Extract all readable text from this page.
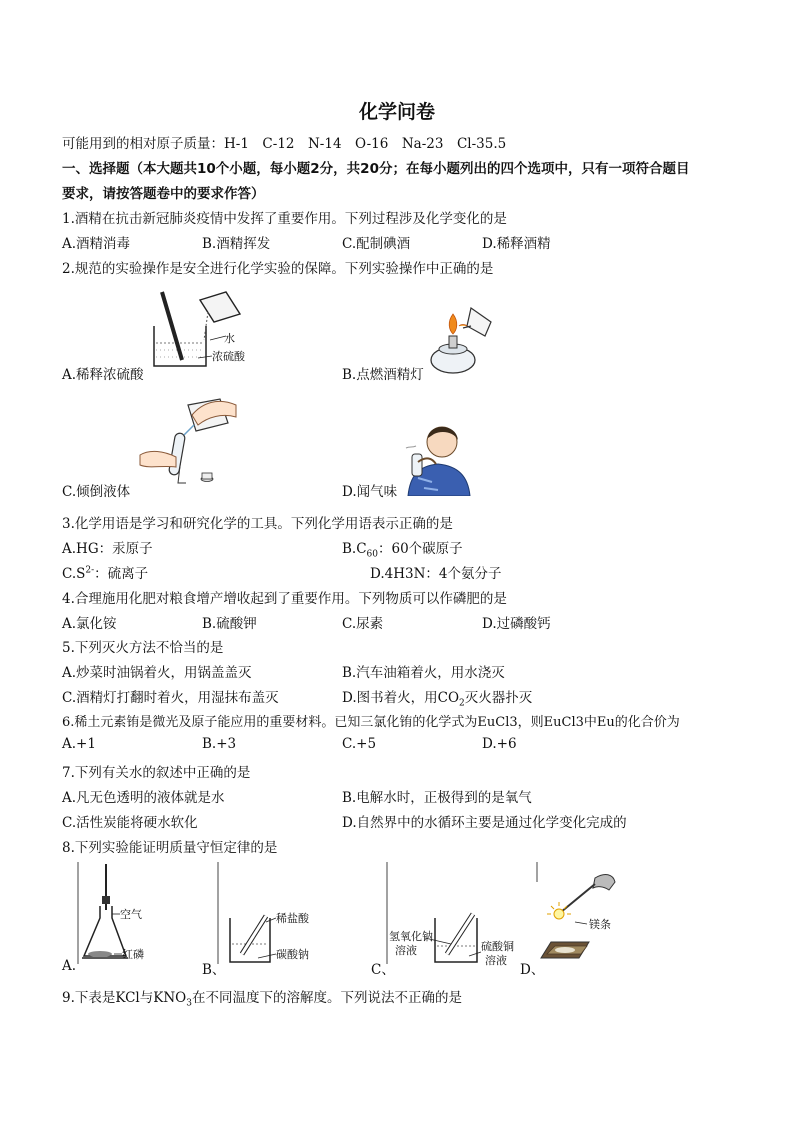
化学问卷
可能用到的相对原子质量：H-1　C-12　N-14　O-16　Na-23　Cl-35.5
一、选择题（本大题共10个小题，每小题2分，共20分；在每小题列出的四个选项中，只有一项符合题目
要求，请按答题卷中的要求作答）
1.酒精在抗击新冠肺炎疫情中发挥了重要作用。下列过程涉及化学变化的是
A.酒精消毒	B.酒精挥发	C.配制碘酒	D.稀释酒精
2.规范的实验操作是安全进行化学实验的保障。下列实验操作中正确的是
水
浓硫酸
A.稀释浓硫酸	B.点燃酒精灯
C.倾倒液体	D.闻气味
3.化学用语是学习和研究化学的工具。下列化学用语表示正确的是
A.HG：汞原子	$B.C_{60}$：60个碳原子
$C.S^{2-}$：硫离子	D.4H3N：4个氨分子
4.合理施用化肥对粮食增产增收起到了重要作用。下列物质可以作磷肥的是
A.氯化铵	B.硫酸钾	C.尿素	D.过磷酸钙
5.下列灭火方法不恰当的是
A.炒菜时油锅着火，用锅盖盖灭	B.汽车油箱着火，用水浇灭
C.酒精灯打翻时着火，用湿抹布盖灭	D.图书着火，用$CO_2$灭火器扑灭
6.稀土元素铕是微光及原子能应用的重要材料。已知三氯化铕的化学式为EuCl3，则EuCl3中Eu的化合价为
A.+1	B.+3	C.+5	D.+6
7.下列有关水的叙述中正确的是
A.凡无色透明的液体就是水	B.电解水时，正极得到的是氧气
C.活性炭能将硬水软化	D.自然界中的水循环主要是通过化学变化完成的
8.下列实验能证明质量守恒定律的是
空气
红磷
A.
稀盐酸
碳酸钠
B、
氢氧化钠
溶液	硫酸铜
溶液
C、
镁条
D、
9.下表是KCl与$KNO_3$在不同温度下的溶解度。下列说法不正确的是
